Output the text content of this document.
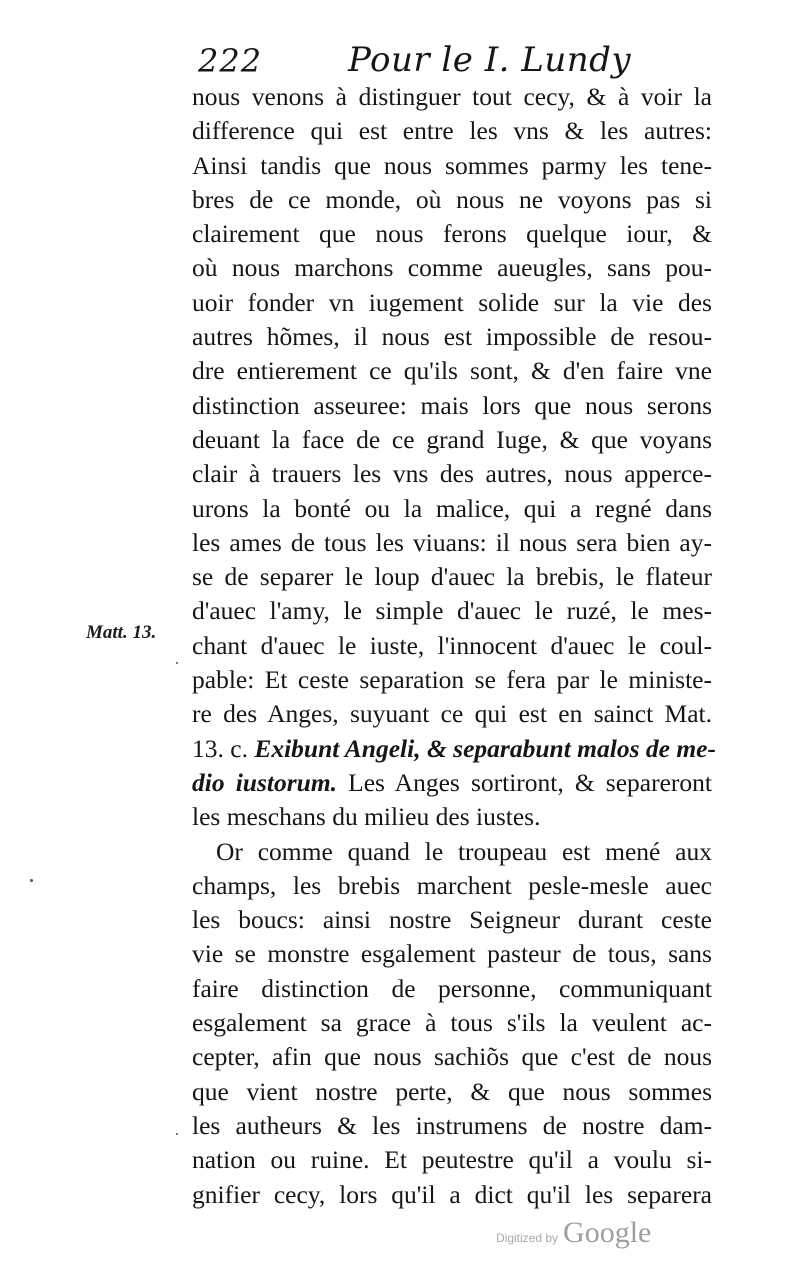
222	Pour le I. Lundy
Matt. 13.
nous venons à distinguer tout cecy, & à voir la
difference qui est entre les vns & les autres:
Ainsi tandis que nous sommes parmy les tene-
bres de ce monde, où nous ne voyons pas si
clairement que nous ferons quelque iour, &
où nous marchons comme aueugles, sans pou-
uoir fonder vn iugement solide sur la vie des
autres hõmes, il nous est impossible de resou-
dre entierement ce qu'ils sont, & d'en faire vne
distinction asseuree: mais lors que nous serons
deuant la face de ce grand Iuge, & que voyans
clair à trauers les vns des autres, nous apperce-
urons la bonté ou la malice, qui a regné dans
les ames de tous les viuans: il nous sera bien ay-
se de separer le loup d'auec la brebis, le flateur
d'auec l'amy, le simple d'auec le ruzé, le mes-
chant d'auec le iuste, l'innocent d'auec le coul-
pable: Et ceste separation se fera par le ministe-
re des Anges, suyuant ce qui est en sainct Mat.
13. c. Exibunt Angeli, & separabunt malos de me-
dio iustorum. Les Anges sortiront, & separeront
les meschans du milieu des iustes.
Or comme quand le troupeau est mené aux
champs, les brebis marchent pesle-mesle auec
les boucs: ainsi nostre Seigneur durant ceste
vie se monstre esgalement pasteur de tous, sans
faire distinction de personne, communiquant
esgalement sa grace à tous s'ils la veulent ac-
cepter, afin que nous sachiõs que c'est de nous
que vient nostre perte, & que nous sommes
les autheurs & les instrumens de nostre dam-
nation ou ruine. Et peutestre qu'il a voulu si-
gnifier cecy, lors qu'il a dict qu'il les separera
Digitized by Google
